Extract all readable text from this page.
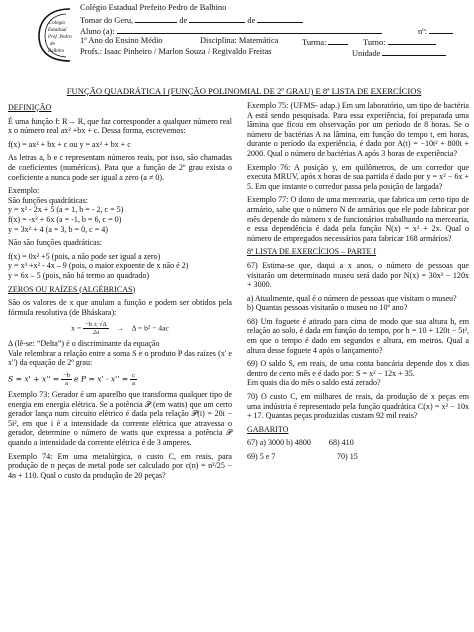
Colégio
Estadual
Prof. Pedro
de
Balbino
Colégio Estadual Prefeito Pedro de Balbino
Tomar do Geru,	de	de
Aluno (a):	nº:
1º Ano do Ensino Médio	Disciplina: Matemática	Turma:	Turno:
Profs.: Isaac Pinheiro / Marlon Souza / Regivaldo Freitas	Unidade
FUNÇÃO QUADRÁTICA I (FUNÇÃO POLINOMIAL DE 2º GRAU) E 8ª LISTA DE EXERCÍCIOS

DEFINIÇÃO

É uma função f: R→ R, que faz corresponder a qualquer número real x o número real ax² +bx + c. Dessa forma, escrevemos:

f(x) = ax² + bx + c ou y = ax² + bx + c

As letras a, b e c representam números reais, por isso, são chamadas de coeficientes (numéricos). Para que a função de 2º grau exista o coeficiente a nunca pode ser igual a zero (a ≠ 0).

Exemplo:

São funções quadráticas:

y = x² - 2x + 5 (a = 1, b = - 2, c = 5)

f(x) = -x² + 6x (a = -1, b = 6, c = 0)

y = 3x² + 4 (a = 3, b = 0, c = 4)

Não são funções quadráticas:

f(x) = 0x² +5 (pois, a não pode ser igual a zero)

y = x³ +x² - 4x – 9 (pois, o maior expoente de x não é 2)

y = 6x – 5 (pois, não há termo ao quadrado)

ZEROS OU RAÍZES (ALGÉBRICAS)

São os valores de x que anulam a função e podem ser obtidos pela fórmula resolutiva (de Bháskara):

$x = \frac{-b \pm √\Delta}{2a} \to \Delta = b^2 - 4ac$

Δ (lê-se: “Delta”) é o discriminante da equação

Vale relembrar a relação entre a soma S e o produto P das raízes (x' e x'') da equação de 2º grau:

$S = x' + x'' = \frac{-b}{a}$ e $P = x' \cdot x'' = \frac{c}{a}$

Exemplo 73: Gerador é um aparelho que transforma qualquer tipo de energia em energia elétrica. Se a potência 𝒫 (em watts) que um certo gerador lança num circuito elétrico é dada pela relação 𝒫(i) = 20i − 5i², em que i é a intensidade da corrente elétrica que atravessa o gerador, determine o número de watts que expressa a potência 𝒫 quando a intensidade da corrente elétrica é de 3 amperes.

Exemplo 74: Em uma metalúrgica, o custo C, em reais, para produção de n peças de metal pode ser calculado por c(n) = n²/25 − 4n + 110. Qual o custo da produção de 20 peças?

Exemplo 75: (UFMS- adap.) Em um laboratório, um tipo de bactéria A está sendo pesquisada. Para essa experiência, foi preparada uma lâmina que ficou em observação por um período de 8 horas. Se o número de bactérias A na lâmina, em função do tempo t, em horas, durante o período da experiência, é dado por A(t) = −10t² + 800t + 2000. Qual o número de bactérias A após 3 horas de experiência?

Exemplo 76: A posição y, em quilômetros, de um corredor que executa MRUV, após x horas de sua partida é dado por y = x² − 6x + 5. Em que instante o corredor passa pela posição de largada?

Exemplo 77: O dono de uma mercearia, que fabrica um certo tipo de armário, sabe que o número N de armários que ele pode fabricar por mês depende do número x de funcionários trabalhando na mercearia, e essa dependência é dada pela função N(x) = x² + 2x. Qual o número de empregados necessários para fabricar 168 armários?

8ª LISTA DE EXERCÍCIOS – PARTE I

67) Estima-se que, daqui a x anos, o número de pessoas que visitarão um determinado museu será dado por N(x) = 30x² − 120x + 3000.

a) Atualmente, qual é o número de pessoas que visitam o museu?

b) Quantas pessoas visitarão o museu no 10º ano?

68) Um foguete é atirado para cima de modo que sua altura h, em relação ao solo, é dada em função do tempo, por h = 10 + 120t − 5t², em que o tempo é dado em segundos e altura, em metros. Qual a altura desse foguete 4 após o lançamento?

69) O saldo S, em reais, de uma conta bancária depende dos x dias dentro de certo mês e é dado por: S = x² − 12x + 35.

Em quais dia do mês o saldo está zerado?

70) O custo C, em milhares de reais, da produção de x peças em uma indústria é representado pela função quadrática C(x) = x² − 10x + 17. Quantas peças produzidas custam 92 mil reais?

GABARITO

67) a) 3000 b) 4800 68) 410
69) 5 e 7	70) 15
